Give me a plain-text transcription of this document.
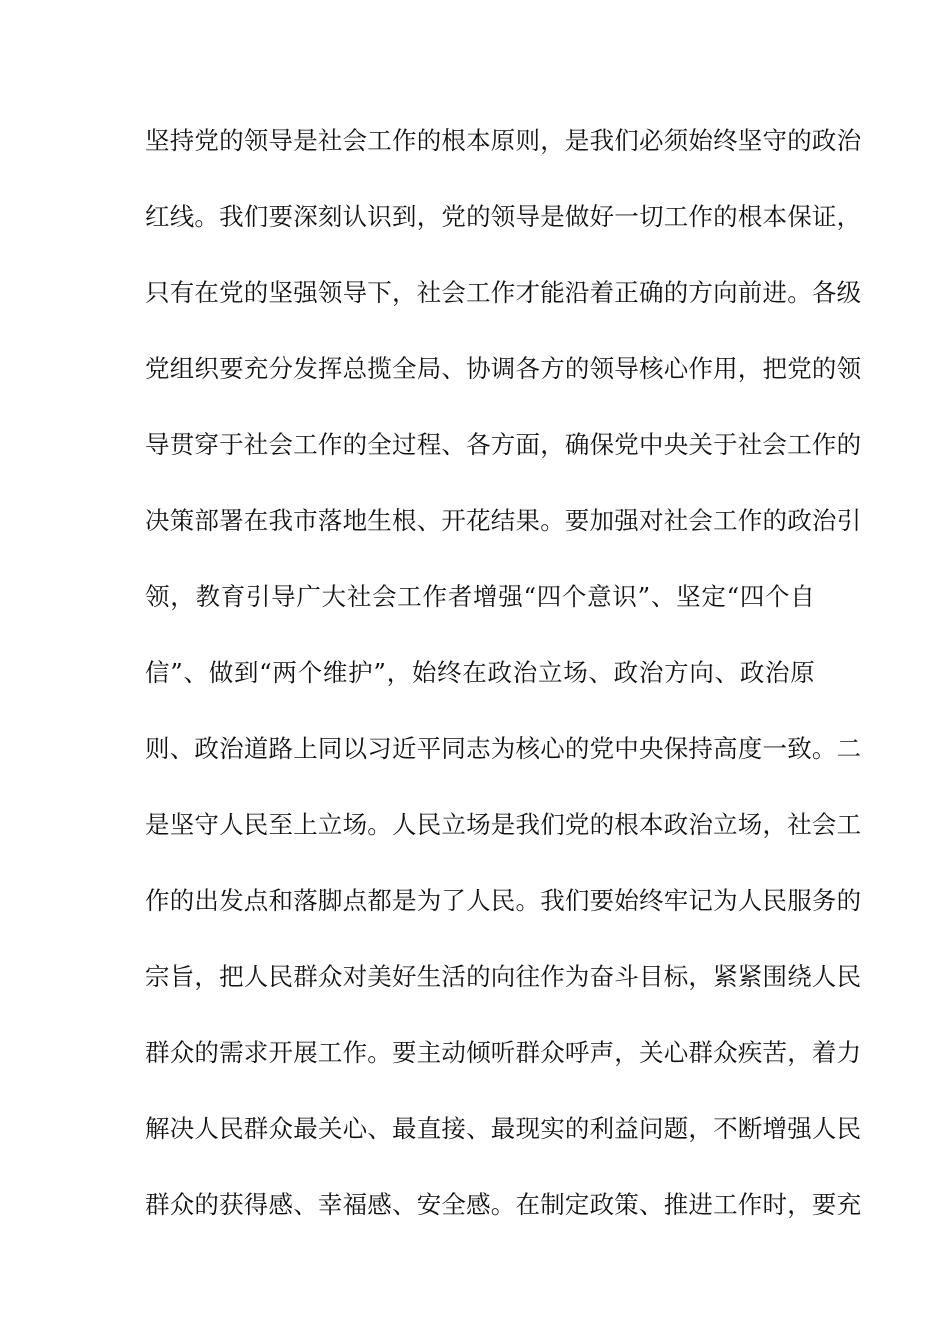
坚持党的领导是社会工作的根本原则，是我们必须始终坚守的政治
红线。我们要深刻认识到，党的领导是做好一切工作的根本保证，
只有在党的坚强领导下，社会工作才能沿着正确的方向前进。各级
党组织要充分发挥总揽全局、协调各方的领导核心作用，把党的领
导贯穿于社会工作的全过程、各方面，确保党中央关于社会工作的
决策部署在我市落地生根、开花结果。要加强对社会工作的政治引
领，教育引导广大社会工作者增强“四个意识”、坚定“四个自
信”、做到“两个维护”，始终在政治立场、政治方向、政治原
则、政治道路上同以习近平同志为核心的党中央保持高度一致。二
是坚守人民至上立场。人民立场是我们党的根本政治立场，社会工
作的出发点和落脚点都是为了人民。我们要始终牢记为人民服务的
宗旨，把人民群众对美好生活的向往作为奋斗目标，紧紧围绕人民
群众的需求开展工作。要主动倾听群众呼声，关心群众疾苦，着力
解决人民群众最关心、最直接、最现实的利益问题，不断增强人民
群众的获得感、幸福感、安全感。在制定政策、推进工作时，要充
